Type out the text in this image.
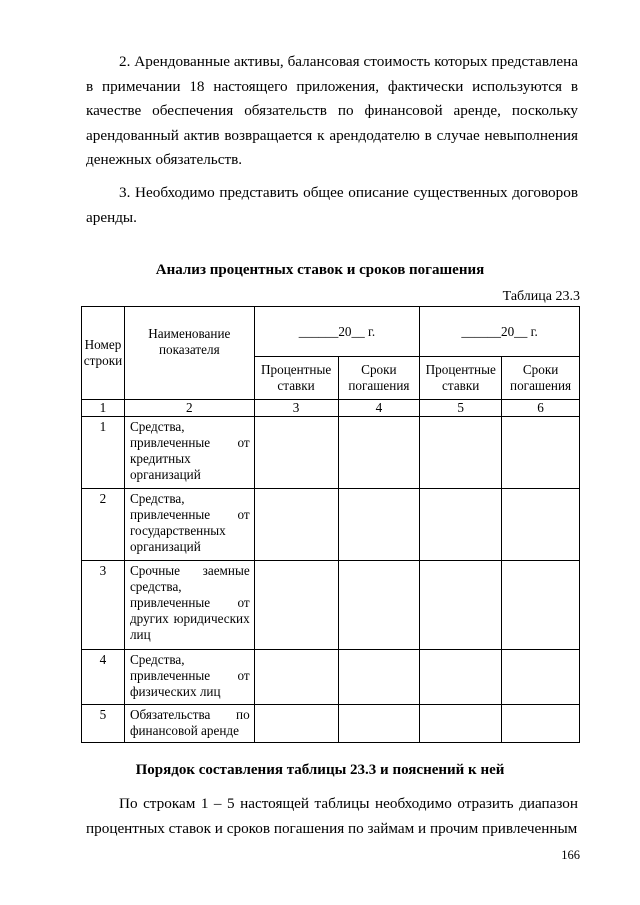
2. Арендованные активы, балансовая стоимость которых представлена в примечании 18 настоящего приложения, фактически используются в качестве обеспечения обязательств по финансовой аренде, поскольку арендованный актив возвращается к арендодателю в случае невыполнения денежных обязательств.

3. Необходимо представить общее описание существенных договоров аренды.

Анализ процентных ставок и сроков погашения

Таблица 23.3
Номер строки	Наименование показателя	______20__ г.		______20__ г.	
		Процентные ставки	Сроки погашения	Процентные ставки	Сроки погашения
1	2	3	4	5	6
1	Средства, привлеченные от кредитных организаций				
2	Средства, привлеченные от государственных организаций				
3	Срочные заемные средства, привлеченные от других юридических лиц				
4	Средства, привлеченные от физических лиц				
5	Обязательства по финансовой аренде				

Порядок составления таблицы 23.3 и пояснений к ней

По строкам 1 – 5 настоящей таблицы необходимо отразить диапазон процентных ставок и сроков погашения по займам и прочим привлеченным

166
